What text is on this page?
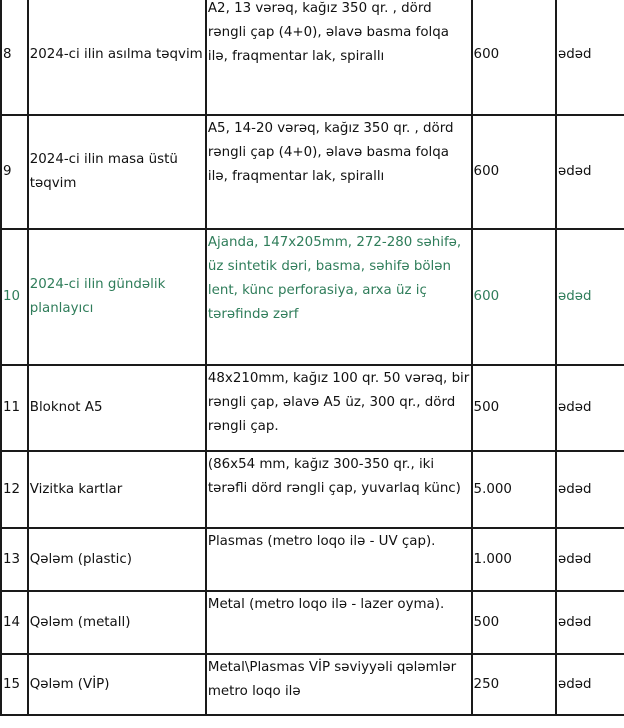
8	2024-ci ilin asılma təqvim	A2, 13 vərəq, kağız 350 qr. , dörd rəngli çap (4+0), əlavə basma folqa ilə, fraqmentar lak, spirallı	600	ədəd
9	2024-ci ilin masa üstü təqvim	A5, 14-20 vərəq, kağız 350 qr. , dörd rəngli çap (4+0), əlavə basma folqa ilə, fraqmentar lak, spirallı	600	ədəd
10	2024-ci ilin gündəlik planlayıcı	Ajanda, 147x205mm, 272-280 səhifə, üz sintetik dəri, basma, səhifə bölən lent, künc perforasiya, arxa üz iç tərəfində zərf	600	ədəd
11	Bloknot A5	48x210mm, kağız 100 qr. 50 vərəq, bir rəngli çap, əlavə A5 üz, 300 qr., dörd rəngli çap.	500	ədəd
12	Vizitka kartlar	(86x54 mm, kağız 300-350 qr., iki tərəfli dörd rəngli çap, yuvarlaq künc)	5.000	ədəd
13	Qələm (plastic)	Plasmas (metro loqo ilə - UV çap).	1.000	ədəd
14	Qələm (metall)	Metal (metro loqo ilə - lazer oyma).	500	ədəd
15	Qələm (VİP)	Metal\Plasmas VİP səviyyəli qələmlər metro loqo ilə	250	ədəd
